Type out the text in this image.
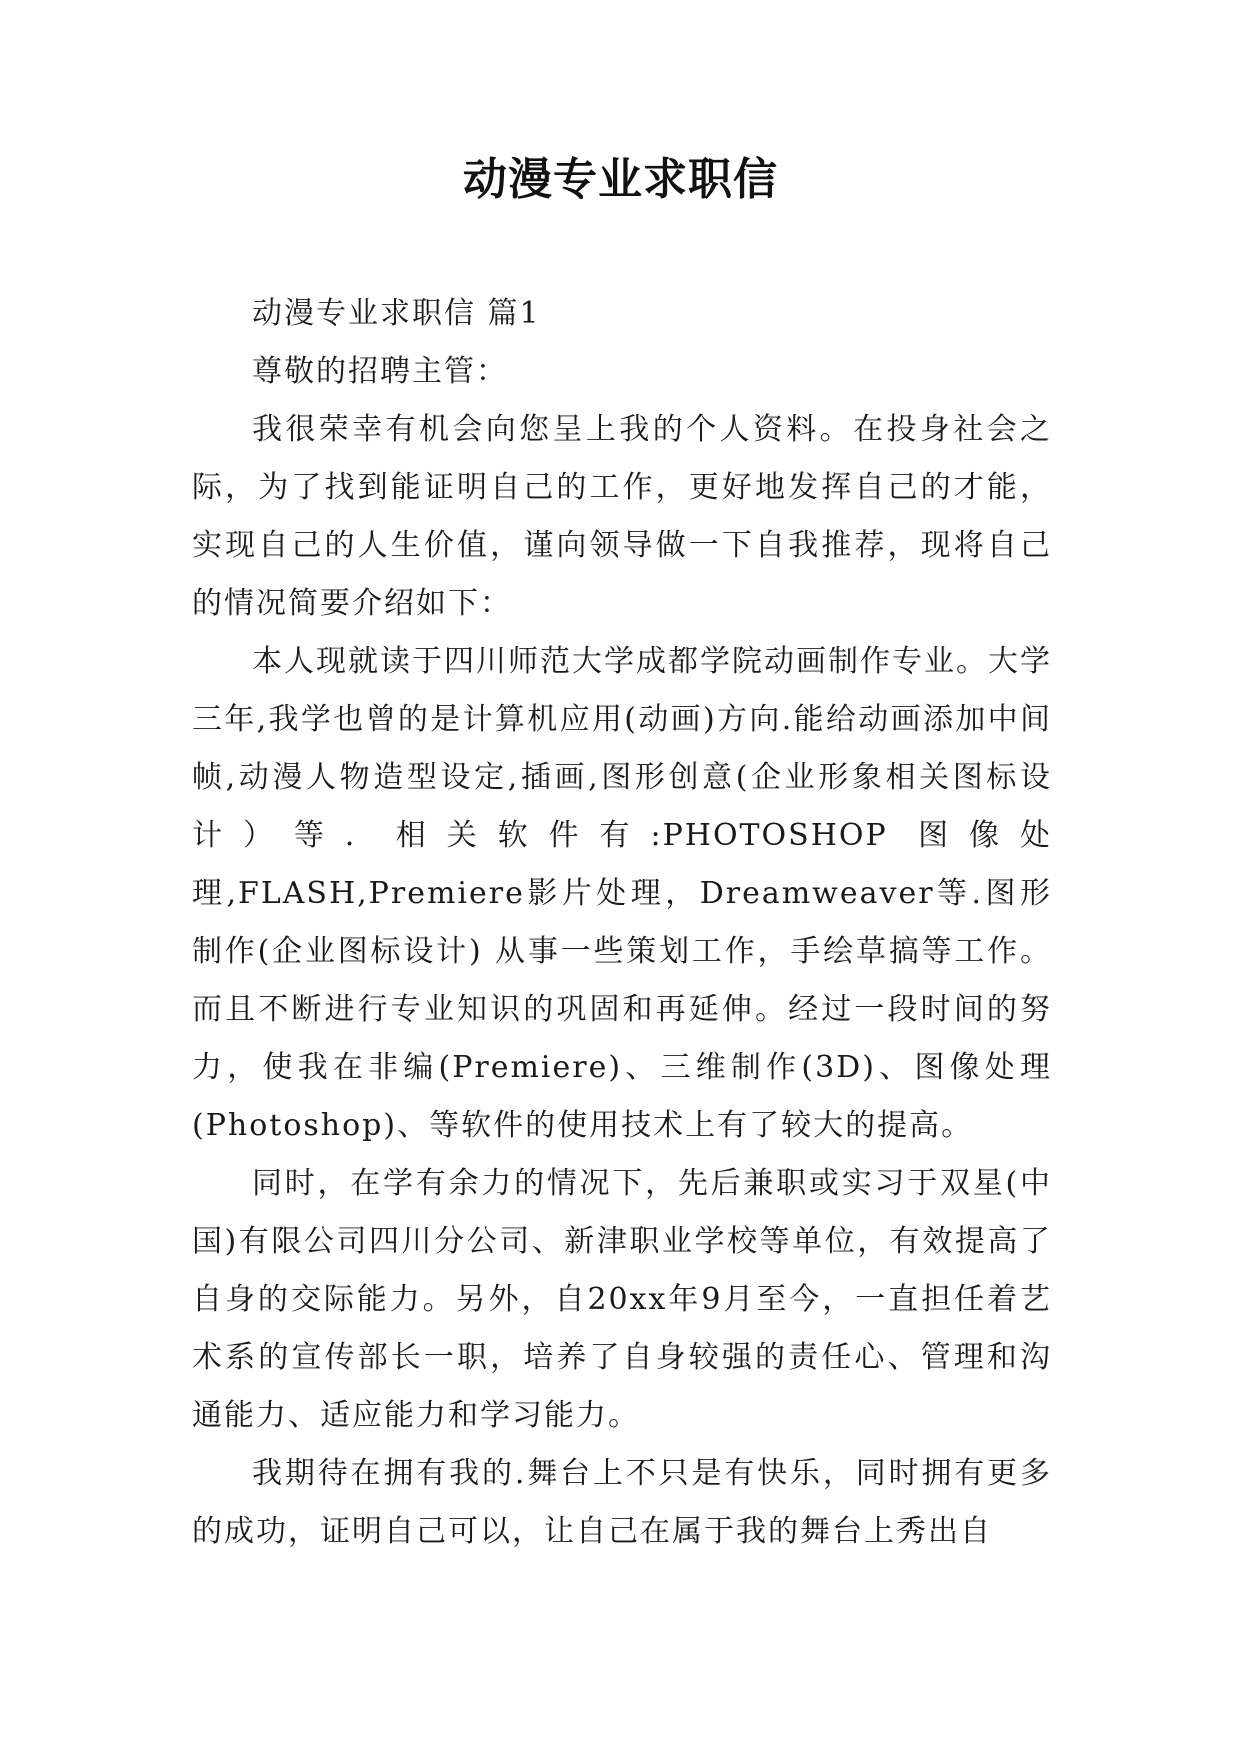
动漫专业求职信

动漫专业求职信 篇1

尊敬的招聘主管：

我很荣幸有机会向您呈上我的个人资料。在投身社会之际，为了找到能证明自己的工作，更好地发挥自己的才能，实现自己的人生价值，谨向领导做一下自我推荐，现将自己的情况简要介绍如下：

本人现就读于四川师范大学成都学院动画制作专业。大学三年,我学也曾的是计算机应用(动画)方向.能给动画添加中间帧,动漫人物造型设定,插画,图形创意(企业形象相关图标设计）等．相关软件有:PHOTOSHOP 图像处理,FLASH,Premiere影片处理，Dreamweaver等.图形制作(企业图标设计) 从事一些策划工作，手绘草搞等工作。而且不断进行专业知识的巩固和再延伸。经过一段时间的努力，使我在非编(Premiere)、三维制作(3D)、图像处理(Photoshop)、等软件的使用技术上有了较大的提高。

同时，在学有余力的情况下，先后兼职或实习于双星(中国)有限公司四川分公司、新津职业学校等单位，有效提高了自身的交际能力。另外，自20xx年9月至今，一直担任着艺术系的宣传部长一职，培养了自身较强的责任心、管理和沟通能力、适应能力和学习能力。

我期待在拥有我的.舞台上不只是有快乐，同时拥有更多的成功，证明自己可以，让自己在属于我的舞台上秀出自
